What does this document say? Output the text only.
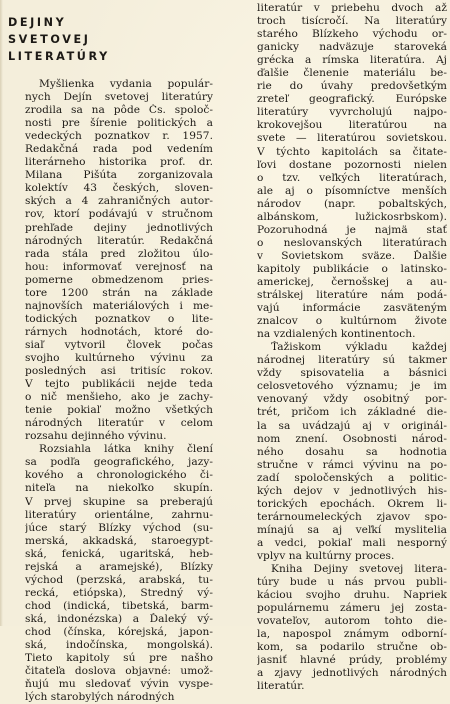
DEJINY
SVETOVEJ
LITERATÚRY
Myšlienka vydania populár-
nych Dejín svetovej literatúry
zrodila sa na pôde Čs. spoloč-
nosti pre šírenie politických a
vedeckých poznatkov r. 1957.
Redakčná rada pod vedením
literárneho historika prof. dr.
Milana Pišúta zorganizovala
kolektív 43 českých, sloven-
ských a 4 zahraničných autor-
rov, ktorí podávajú v stručnom
prehľade dejiny jednotlivých
národných literatúr. Redakčná
rada stála pred zložitou úlo-
hou: informovať verejnosť na
pomerne obmedzenom pries-
tore 1200 strán na základe
najnovších materiálových i me-
todických poznatkov o lite-
rárnych hodnotách, ktoré do-
siaľ vytvoril človek počas
svojho kultúrneho vývinu za
posledných asi tritisíc rokov.
V tejto publikácii nejde teda
o nič menšieho, ako je zachy-
tenie pokiaľ možno všetkých
národných literatúr v celom
rozsahu dejinného vývinu.
Rozsiahla látka knihy člení
sa podľa geografického, jazy-
kového a chronologického či-
niteľa na niekoľko skupín.
V prvej skupine sa preberajú
literatúry orientálne, zahrnu-
júce starý Blízky východ (su-
merská, akkadská, staroegypt-
ská, fenická, ugaritská, heb-
rejská a aramejské), Blízky
východ (perzská, arabská, tu-
recká, etiópska), Stredný vý-
chod (indická, tibetská, barm-
ská, indonézska) a Ďaleký vý-
chod (čínska, kórejská, japon-
ská, indočínska, mongolská).
Tieto kapitoly sú pre našho
čitateľa doslova objavné: umož-
ňujú mu sledovať vývin vyspe-
lých starobylých národných
literatúr v priebehu dvoch až
troch tisícročí. Na literatúry
starého Blízkeho východu or-
ganicky nadväzuje staroveká
grécka a rímska literatúra. Aj
ďalšie členenie materiálu be-
rie do úvahy predovšetkým
zreteľ geografický. Európske
literatúry vyvrcholujú najpo-
krokovejšou literatúrou na
svete — literatúrou sovietskou.
V týchto kapitolách sa čitate-
ľovi dostane pozornosti nielen
o tzv. veľkých literatúrach,
ale aj o písomníctve menších
národov (napr. pobaltských,
albánskom, lužickosrbskom).
Pozoruhodná je najmä stať
o neslovanských literatúrach
v Sovietskom sväze. Ďalšie
kapitoly publikácie o latinsko-
americkej, černošskej a au-
strálskej literatúre nám podá-
vajú informácie zasväteným
znalcov o kultúrnom živote
na vzdialených kontinentoch.
Ťažiskom výkladu každej
národnej literatúry sú takmer
vždy spisovatelia a básnici
celosvetového významu; je im
venovaný vždy osobitný por-
trét, pričom ich základné die-
la sa uvádzajú aj v originál-
nom znení. Osobnosti národ-
ného dosahu sa hodnotia
stručne v rámci vývinu na po-
zadí spoločenských a politic-
kých dejov v jednotlivých his-
torických epochách. Okrem li-
terárnoumeleckých zjavov spo-
mínajú sa aj veľkí myslitelia
a vedci, pokiaľ mali nesporný
vplyv na kultúrny proces.
Kniha Dejiny svetovej litera-
túry bude u nás prvou publi-
káciou svojho druhu. Napriek
populárnemu zámeru jej zosta-
vovateľov, autorom tohto die-
la, napospol známym odborní-
kom, sa podarilo stručne ob-
jasniť hlavné prúdy, problémy
a zjavy jednotlivých národných
literatúr.
